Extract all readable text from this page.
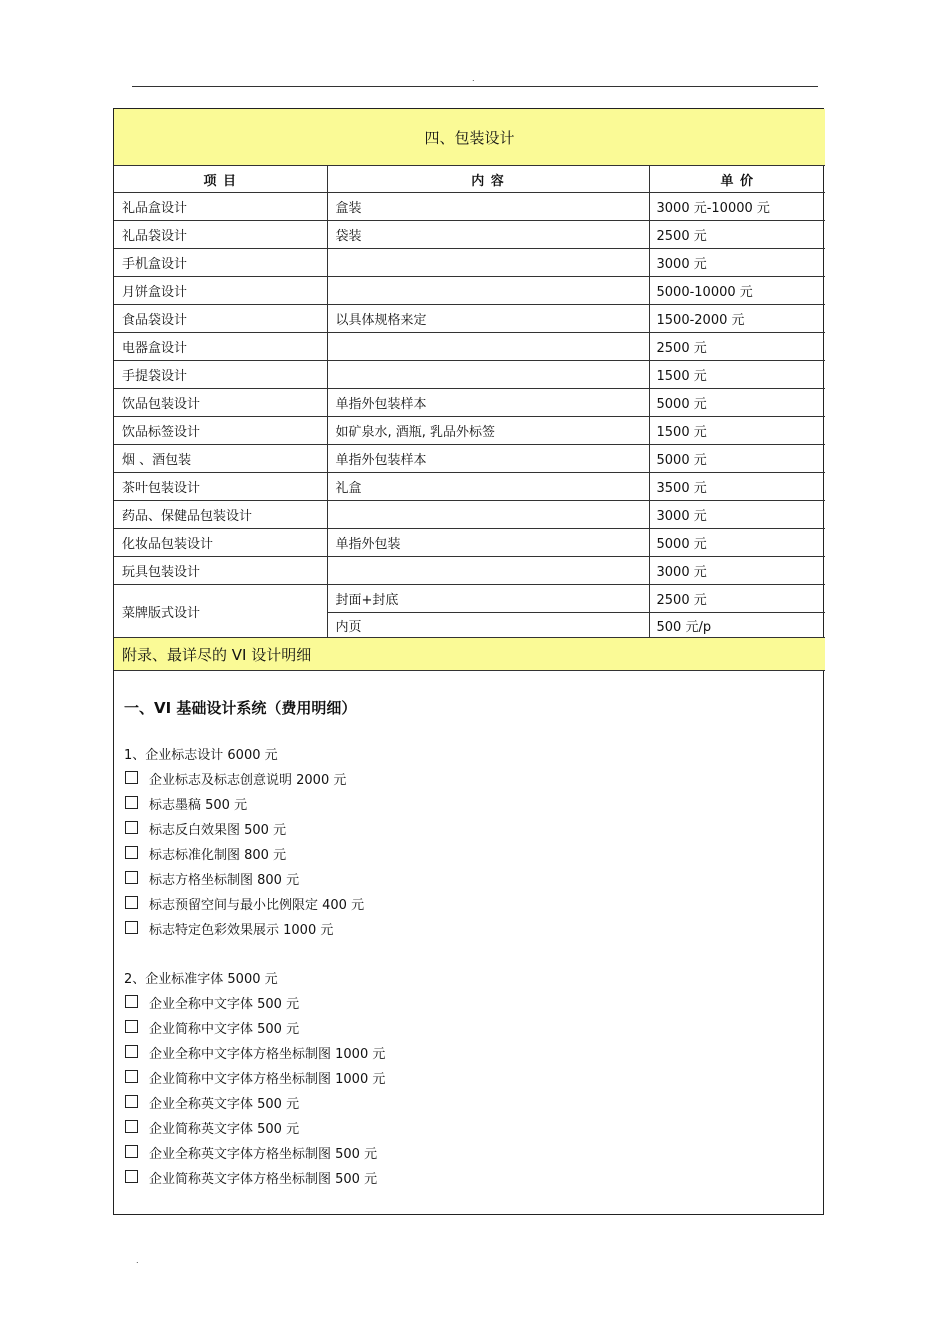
.
四、包装设计		
项 目	内 容	单 价
礼品盒设计	盒装	3000 元-10000 元
礼品袋设计	袋装	2500 元
手机盒设计		3000 元
月饼盒设计		5000-10000 元
食品袋设计	以具体规格来定	1500-2000 元
电器盒设计		2500 元
手提袋设计		1500 元
饮品包装设计	单指外包装样本	5000 元
饮品标签设计	如矿泉水, 酒瓶, 乳品外标签	1500 元
烟 、酒包装	单指外包装样本	5000 元
茶叶包装设计	礼盒	3500 元
药品、保健品包装设计		3000 元
化妆品包装设计	单指外包装	5000 元
玩具包装设计		3000 元
菜牌版式设计	封面+封底	2500 元
	内页	500 元/p
附录、最详尽的 VI 设计明细		
一、VI 基础设计系统（费用明细）
1、企业标志设计 6000 元
企业标志及标志创意说明 2000 元
标志墨稿 500 元
标志反白效果图 500 元
标志标准化制图 800 元
标志方格坐标制图 800 元
标志预留空间与最小比例限定 400 元
标志特定色彩效果展示 1000 元
2、企业标准字体 5000 元
企业全称中文字体 500 元
企业简称中文字体 500 元
企业全称中文字体方格坐标制图 1000 元
企业简称中文字体方格坐标制图 1000 元
企业全称英文字体 500 元
企业简称英文字体 500 元
企业全称英文字体方格坐标制图 500 元
企业简称英文字体方格坐标制图 500 元
.
